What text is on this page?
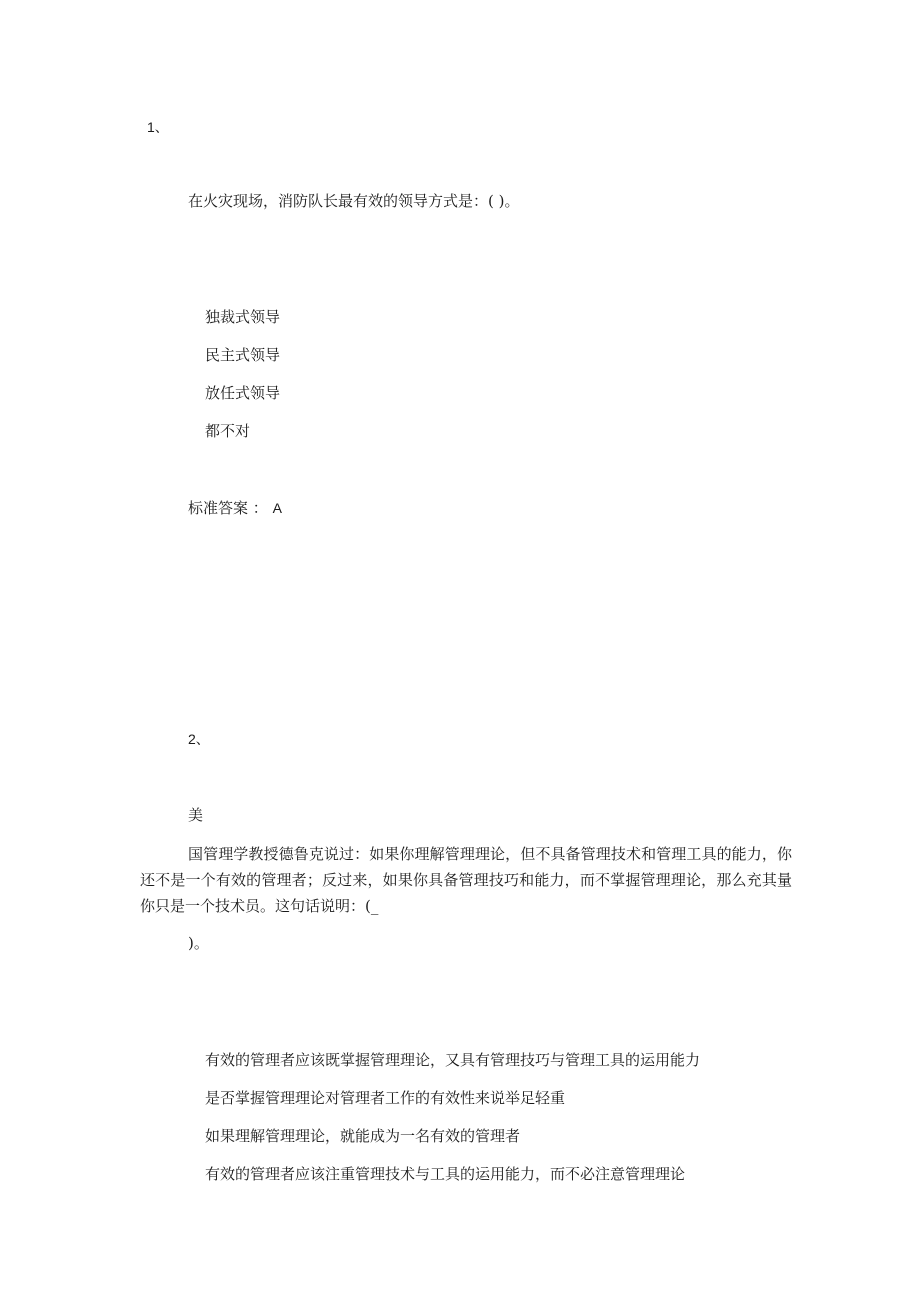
1、
在火灾现场，消防队长最有效的领导方式是：( )。
独裁式领导
民主式领导
放任式领导
都不对
标准答案 ： A
2、
美
国管理学教授德鲁克说过：如果你理解管理理论，但不具备管理技术和管理工具的能力，你还不是一个有效的管理者；反过来，如果你具备管理技巧和能力，而不掌握管理理论，那么充其量你只是一个技术员。这句话说明：(_
)。
有效的管理者应该既掌握管理理论，又具有管理技巧与管理工具的运用能力
是否掌握管理理论对管理者工作的有效性来说举足轻重
如果理解管理理论，就能成为一名有效的管理者
有效的管理者应该注重管理技术与工具的运用能力，而不必注意管理理论
